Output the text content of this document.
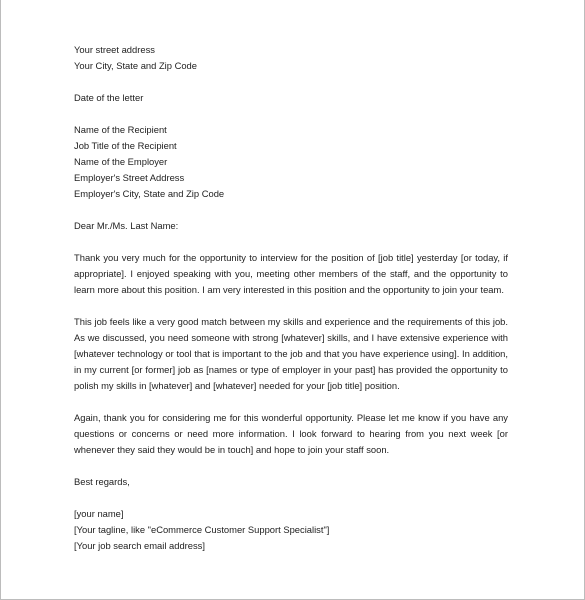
Your street address
Your City, State and Zip Code
Date of the letter
Name of the Recipient
Job Title of the Recipient
Name of the Employer
Employer's Street Address
Employer's City, State and Zip Code
Dear Mr./Ms. Last Name:

Thank you very much for the opportunity to interview for the position of [job title] yesterday [or today, if appropriate]. I enjoyed speaking with you, meeting other members of the staff, and the opportunity to learn more about this position. I am very interested in this position and the opportunity to join your team.

This job feels like a very good match between my skills and experience and the requirements of this job. As we discussed, you need someone with strong [whatever] skills, and I have extensive experience with [whatever technology or tool that is important to the job and that you have experience using]. In addition, in my current [or former] job as [names or type of employer in your past] has provided the opportunity to polish my skills in [whatever] and [whatever] needed for your [job title] position.

Again, thank you for considering me for this wonderful opportunity. Please let me know if you have any questions or concerns or need more information. I look forward to hearing from you next week [or whenever they said they would be in touch] and hope to join your staff soon.

Best regards,
[your name]
[Your tagline, like "eCommerce Customer Support Specialist"]
[Your job search email address]
